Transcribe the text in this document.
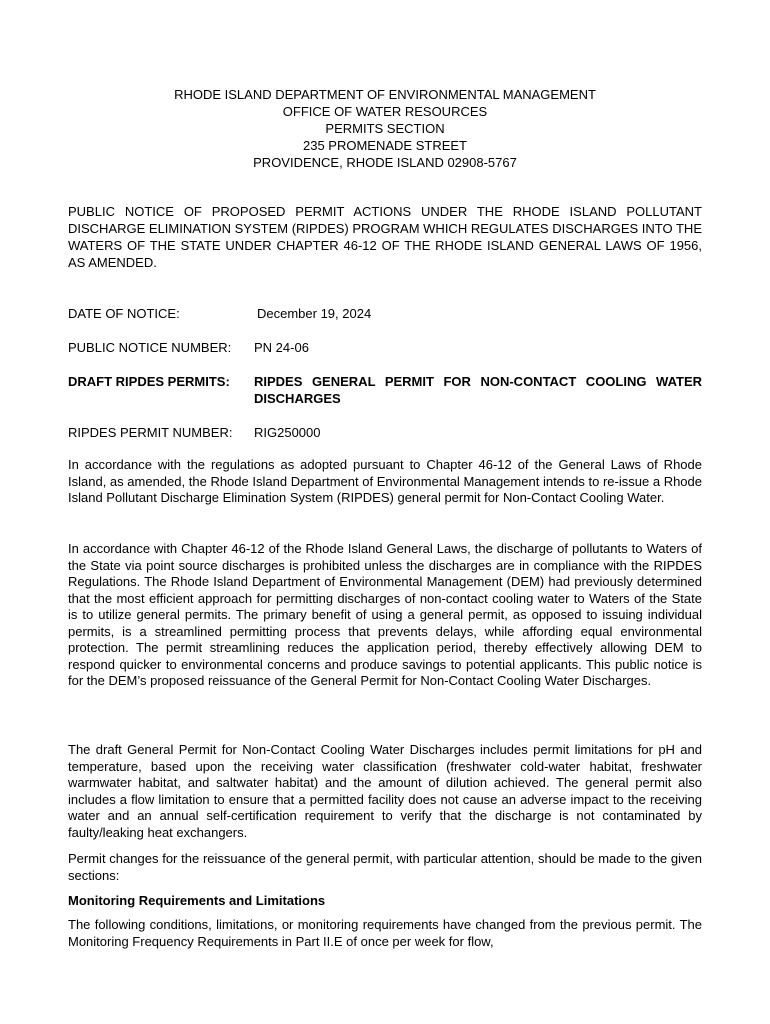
RHODE ISLAND DEPARTMENT OF ENVIRONMENTAL MANAGEMENT
OFFICE OF WATER RESOURCES
PERMITS SECTION
235 PROMENADE STREET
PROVIDENCE, RHODE ISLAND 02908-5767
PUBLIC NOTICE OF PROPOSED PERMIT ACTIONS UNDER THE RHODE ISLAND POLLUTANT DISCHARGE ELIMINATION SYSTEM (RIPDES) PROGRAM WHICH REGULATES DISCHARGES INTO THE WATERS OF THE STATE UNDER CHAPTER 46-12 OF THE RHODE ISLAND GENERAL LAWS OF 1956, AS AMENDED.
DATE OF NOTICE:	December 19, 2024
PUBLIC NOTICE NUMBER: PN 24-06
DRAFT RIPDES PERMITS: RIPDES GENERAL PERMIT FOR NON-CONTACT COOLING WATER DISCHARGES
RIPDES PERMIT NUMBER: RIG250000
In accordance with the regulations as adopted pursuant to Chapter 46-12 of the General Laws of Rhode Island, as amended, the Rhode Island Department of Environmental Management intends to re-issue a Rhode Island Pollutant Discharge Elimination System (RIPDES) general permit for Non-Contact Cooling Water.
In accordance with Chapter 46-12 of the Rhode Island General Laws, the discharge of pollutants to Waters of the State via point source discharges is prohibited unless the discharges are in compliance with the RIPDES Regulations. The Rhode Island Department of Environmental Management (DEM) had previously determined that the most efficient approach for permitting discharges of non-contact cooling water to Waters of the State is to utilize general permits. The primary benefit of using a general permit, as opposed to issuing individual permits, is a streamlined permitting process that prevents delays, while affording equal environmental protection. The permit streamlining reduces the application period, thereby effectively allowing DEM to respond quicker to environmental concerns and produce savings to potential applicants. This public notice is for the DEM’s proposed reissuance of the General Permit for Non-Contact Cooling Water Discharges.
The draft General Permit for Non-Contact Cooling Water Discharges includes permit limitations for pH and temperature, based upon the receiving water classification (freshwater cold-water habitat, freshwater warmwater habitat, and saltwater habitat) and the amount of dilution achieved. The general permit also includes a flow limitation to ensure that a permitted facility does not cause an adverse impact to the receiving water and an annual self-certification requirement to verify that the discharge is not contaminated by faulty/leaking heat exchangers.
Permit changes for the reissuance of the general permit, with particular attention, should be made to the given sections:
Monitoring Requirements and Limitations
The following conditions, limitations, or monitoring requirements have changed from the previous permit. The Monitoring Frequency Requirements in Part II.E of once per week for flow,
